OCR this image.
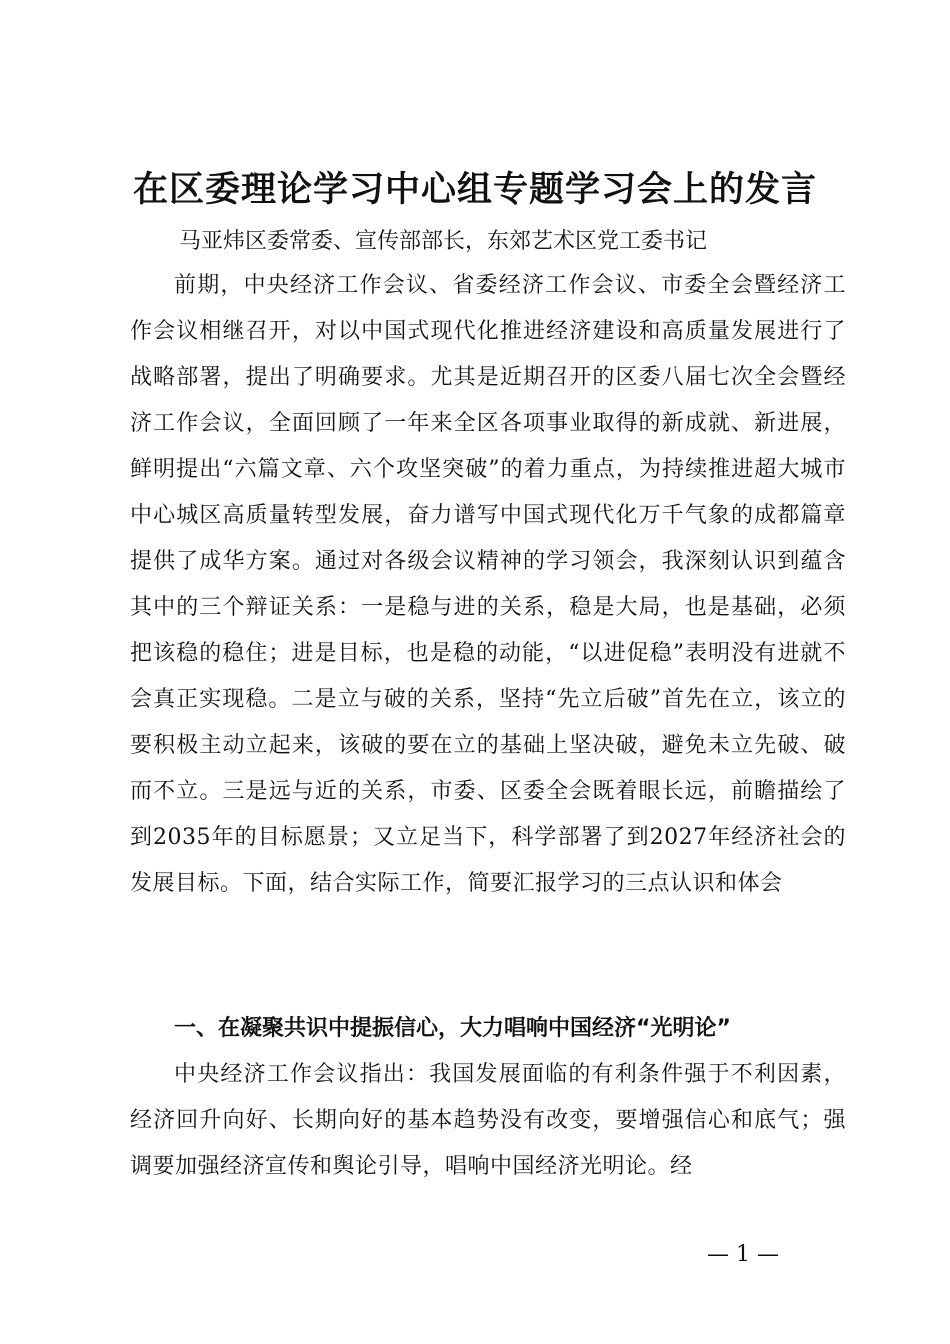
在区委理论学习中心组专题学习会上的发言
马亚炜区委常委、宣传部部长，东郊艺术区党工委书记

前期，中央经济工作会议、省委经济工作会议、市委全会暨经济工作会议相继召开，对以中国式现代化推进经济建设和高质量发展进行了战略部署，提出了明确要求。尤其是近期召开的区委八届七次全会暨经济工作会议，全面回顾了一年来全区各项事业取得的新成就、新进展，鲜明提出“六篇文章、六个攻坚突破”的着力重点，为持续推进超大城市中心城区高质量转型发展，奋力谱写中国式现代化万千气象的成都篇章提供了成华方案。通过对各级会议精神的学习领会，我深刻认识到蕴含其中的三个辩证关系：一是稳与进的关系，稳是大局，也是基础，必须把该稳的稳住；进是目标，也是稳的动能，“以进促稳”表明没有进就不会真正实现稳。二是立与破的关系，坚持“先立后破”首先在立，该立的要积极主动立起来，该破的要在立的基础上坚决破，避免未立先破、破而不立。三是远与近的关系，市委、区委全会既着眼长远，前瞻描绘了到2035年的目标愿景；又立足当下，科学部署了到2027年经济社会的发展目标。下面，结合实际工作，简要汇报学习的三点认识和体会

一、在凝聚共识中提振信心，大力唱响中国经济“光明论”

中央经济工作会议指出：我国发展面临的有利条件强于不利因素，经济回升向好、长期向好的基本趋势没有改变，要增强信心和底气；强调要加强经济宣传和舆论引导，唱响中国经济光明论。经

— 1 —
